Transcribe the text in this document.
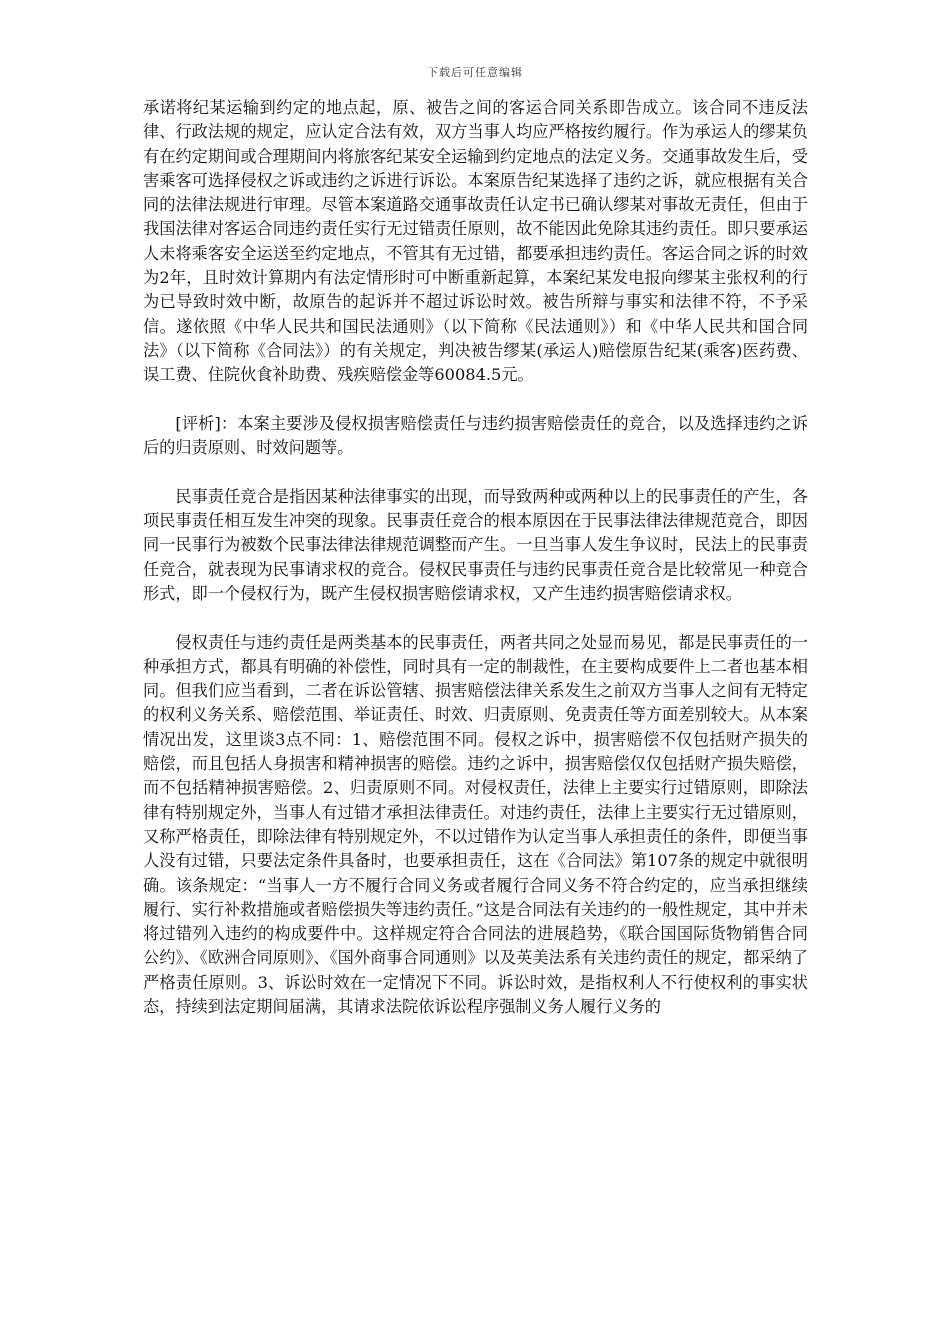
下载后可任意编辑

承诺将纪某运输到约定的地点起，原、被告之间的客运合同关系即告成立。该合同不违反法律、行政法规的规定，应认定合法有效，双方当事人均应严格按约履行。作为承运人的缪某负有在约定期间或合理期间内将旅客纪某安全运输到约定地点的法定义务。交通事故发生后，受害乘客可选择侵权之诉或违约之诉进行诉讼。本案原告纪某选择了违约之诉，就应根据有关合同的法律法规进行审理。尽管本案道路交通事故责任认定书已确认缪某对事故无责任，但由于我国法律对客运合同违约责任实行无过错责任原则，故不能因此免除其违约责任。即只要承运人未将乘客安全运送至约定地点，不管其有无过错，都要承担违约责任。客运合同之诉的时效为2年，且时效计算期内有法定情形时可中断重新起算，本案纪某发电报向缪某主张权利的行为已导致时效中断，故原告的起诉并不超过诉讼时效。被告所辩与事实和法律不符，不予采信。遂依照《中华人民共和国民法通则》（以下简称《民法通则》）和《中华人民共和国合同法》（以下简称《合同法》）的有关规定，判决被告缪某(承运人)赔偿原告纪某(乘客)医药费、误工费、住院伙食补助费、残疾赔偿金等60084.5元。

[评析]：本案主要涉及侵权损害赔偿责任与违约损害赔偿责任的竞合，以及选择违约之诉后的归责原则、时效问题等。

民事责任竞合是指因某种法律事实的出现，而导致两种或两种以上的民事责任的产生，各项民事责任相互发生冲突的现象。民事责任竞合的根本原因在于民事法律法律规范竞合，即因同一民事行为被数个民事法律法律规范调整而产生。一旦当事人发生争议时，民法上的民事责任竞合，就表现为民事请求权的竞合。侵权民事责任与违约民事责任竞合是比较常见一种竞合形式，即一个侵权行为，既产生侵权损害赔偿请求权，又产生违约损害赔偿请求权。

侵权责任与违约责任是两类基本的民事责任，两者共同之处显而易见，都是民事责任的一种承担方式，都具有明确的补偿性，同时具有一定的制裁性，在主要构成要件上二者也基本相同。但我们应当看到，二者在诉讼管辖、损害赔偿法律关系发生之前双方当事人之间有无特定的权利义务关系、赔偿范围、举证责任、时效、归责原则、免责责任等方面差别较大。从本案情况出发，这里谈3点不同：1、赔偿范围不同。侵权之诉中，损害赔偿不仅包括财产损失的赔偿，而且包括人身损害和精神损害的赔偿。违约之诉中，损害赔偿仅仅包括财产损失赔偿，而不包括精神损害赔偿。2、归责原则不同。对侵权责任，法律上主要实行过错原则，即除法律有特别规定外，当事人有过错才承担法律责任。对违约责任，法律上主要实行无过错原则，又称严格责任，即除法律有特别规定外，不以过错作为认定当事人承担责任的条件，即便当事人没有过错，只要法定条件具备时，也要承担责任，这在《合同法》第107条的规定中就很明确。该条规定：“当事人一方不履行合同义务或者履行合同义务不符合约定的，应当承担继续履行、实行补救措施或者赔偿损失等违约责任。”这是合同法有关违约的一般性规定，其中并未将过错列入违约的构成要件中。这样规定符合合同法的进展趋势，《联合国国际货物销售合同公约》、《欧洲合同原则》、《国外商事合同通则》以及英美法系有关违约责任的规定，都采纳了严格责任原则。3、诉讼时效在一定情况下不同。诉讼时效，是指权利人不行使权利的事实状态，持续到法定期间届满，其请求法院依诉讼程序强制义务人履行义务的
